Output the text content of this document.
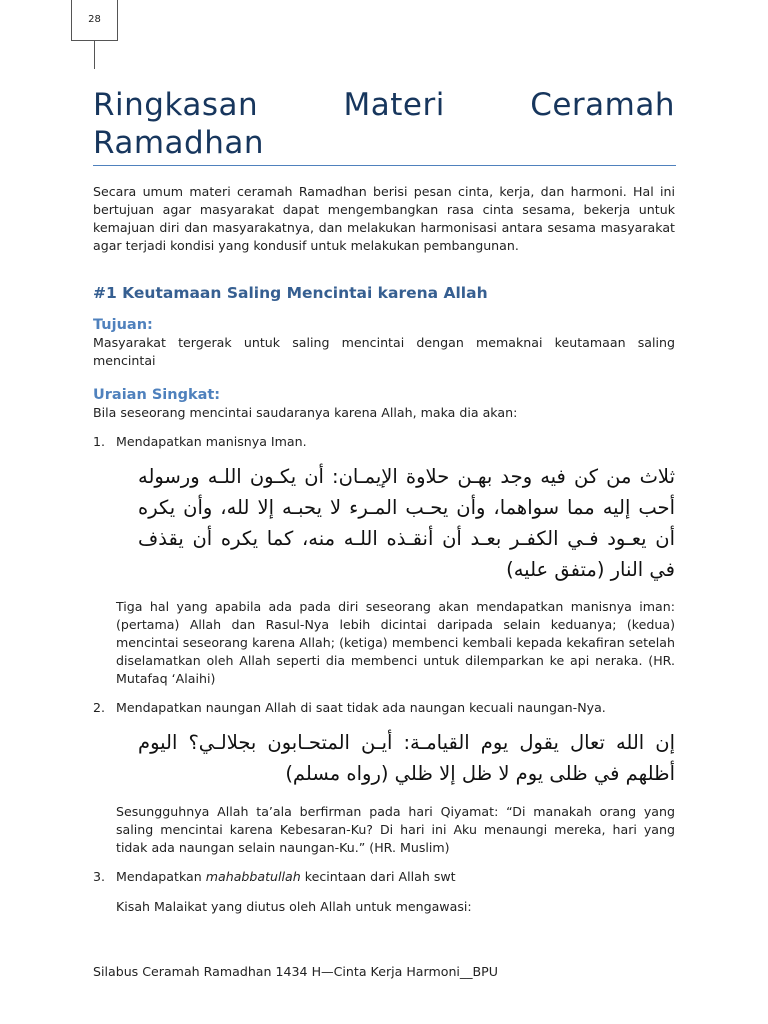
28
Ringkasan Materi Ceramah Ramadhan

Secara umum materi ceramah Ramadhan berisi pesan cinta, kerja, dan harmoni. Hal ini bertujuan agar masyarakat dapat mengembangkan rasa cinta sesama, bekerja untuk kemajuan diri dan masyarakatnya, dan melakukan harmonisasi antara sesama masyarakat agar terjadi kondisi yang kondusif untuk melakukan pembangunan.

#1 Keutamaan Saling Mencintai karena Allah

Tujuan:

Masyarakat tergerak untuk saling mencintai dengan memaknai keutamaan saling mencintai

Uraian Singkat:

Bila seseorang mencintai saudaranya karena Allah, maka dia akan:

1. Mendapatkan manisnya Iman.

ثلاث من كن فيه وجد بهـن حلاوة الإيمـان: أن يكـون اللـه ورسوله أحب إليه مما سواهما، وأن يحـب المـرء لا يحبـه إلا لله، وأن يكره أن يعـود فـي الكفـر بعـد أن أنقـذه اللـه منه، كما يكره أن يقذف في النار (متفق عليه)

Tiga hal yang apabila ada pada diri seseorang akan mendapatkan manisnya iman: (pertama) Allah dan Rasul-Nya lebih dicintai daripada selain keduanya; (kedua) mencintai seseorang karena Allah; (ketiga) membenci kembali kepada kekafiran setelah diselamatkan oleh Allah seperti dia membenci untuk dilemparkan ke api neraka. (HR. Mutafaq ‘Alaihi)

2. Mendapatkan naungan Allah di saat tidak ada naungan kecuali naungan-Nya.

إن الله تعال يقول يوم القيامـة: أيـن المتحـابون بجلالـي؟ اليوم أظلهم في ظلى يوم لا ظل إلا ظلي (رواه مسلم)

Sesungguhnya Allah ta’ala berfirman pada hari Qiyamat: “Di manakah orang yang saling mencintai karena Kebesaran-Ku? Di hari ini Aku menaungi mereka, hari yang tidak ada naungan selain naungan-Ku.” (HR. Muslim)

3. Mendapatkan mahabbatullah kecintaan dari Allah swt

Kisah Malaikat yang diutus oleh Allah untuk mengawasi:

Silabus Ceramah Ramadhan 1434 H—Cinta Kerja Harmoni__BPU
